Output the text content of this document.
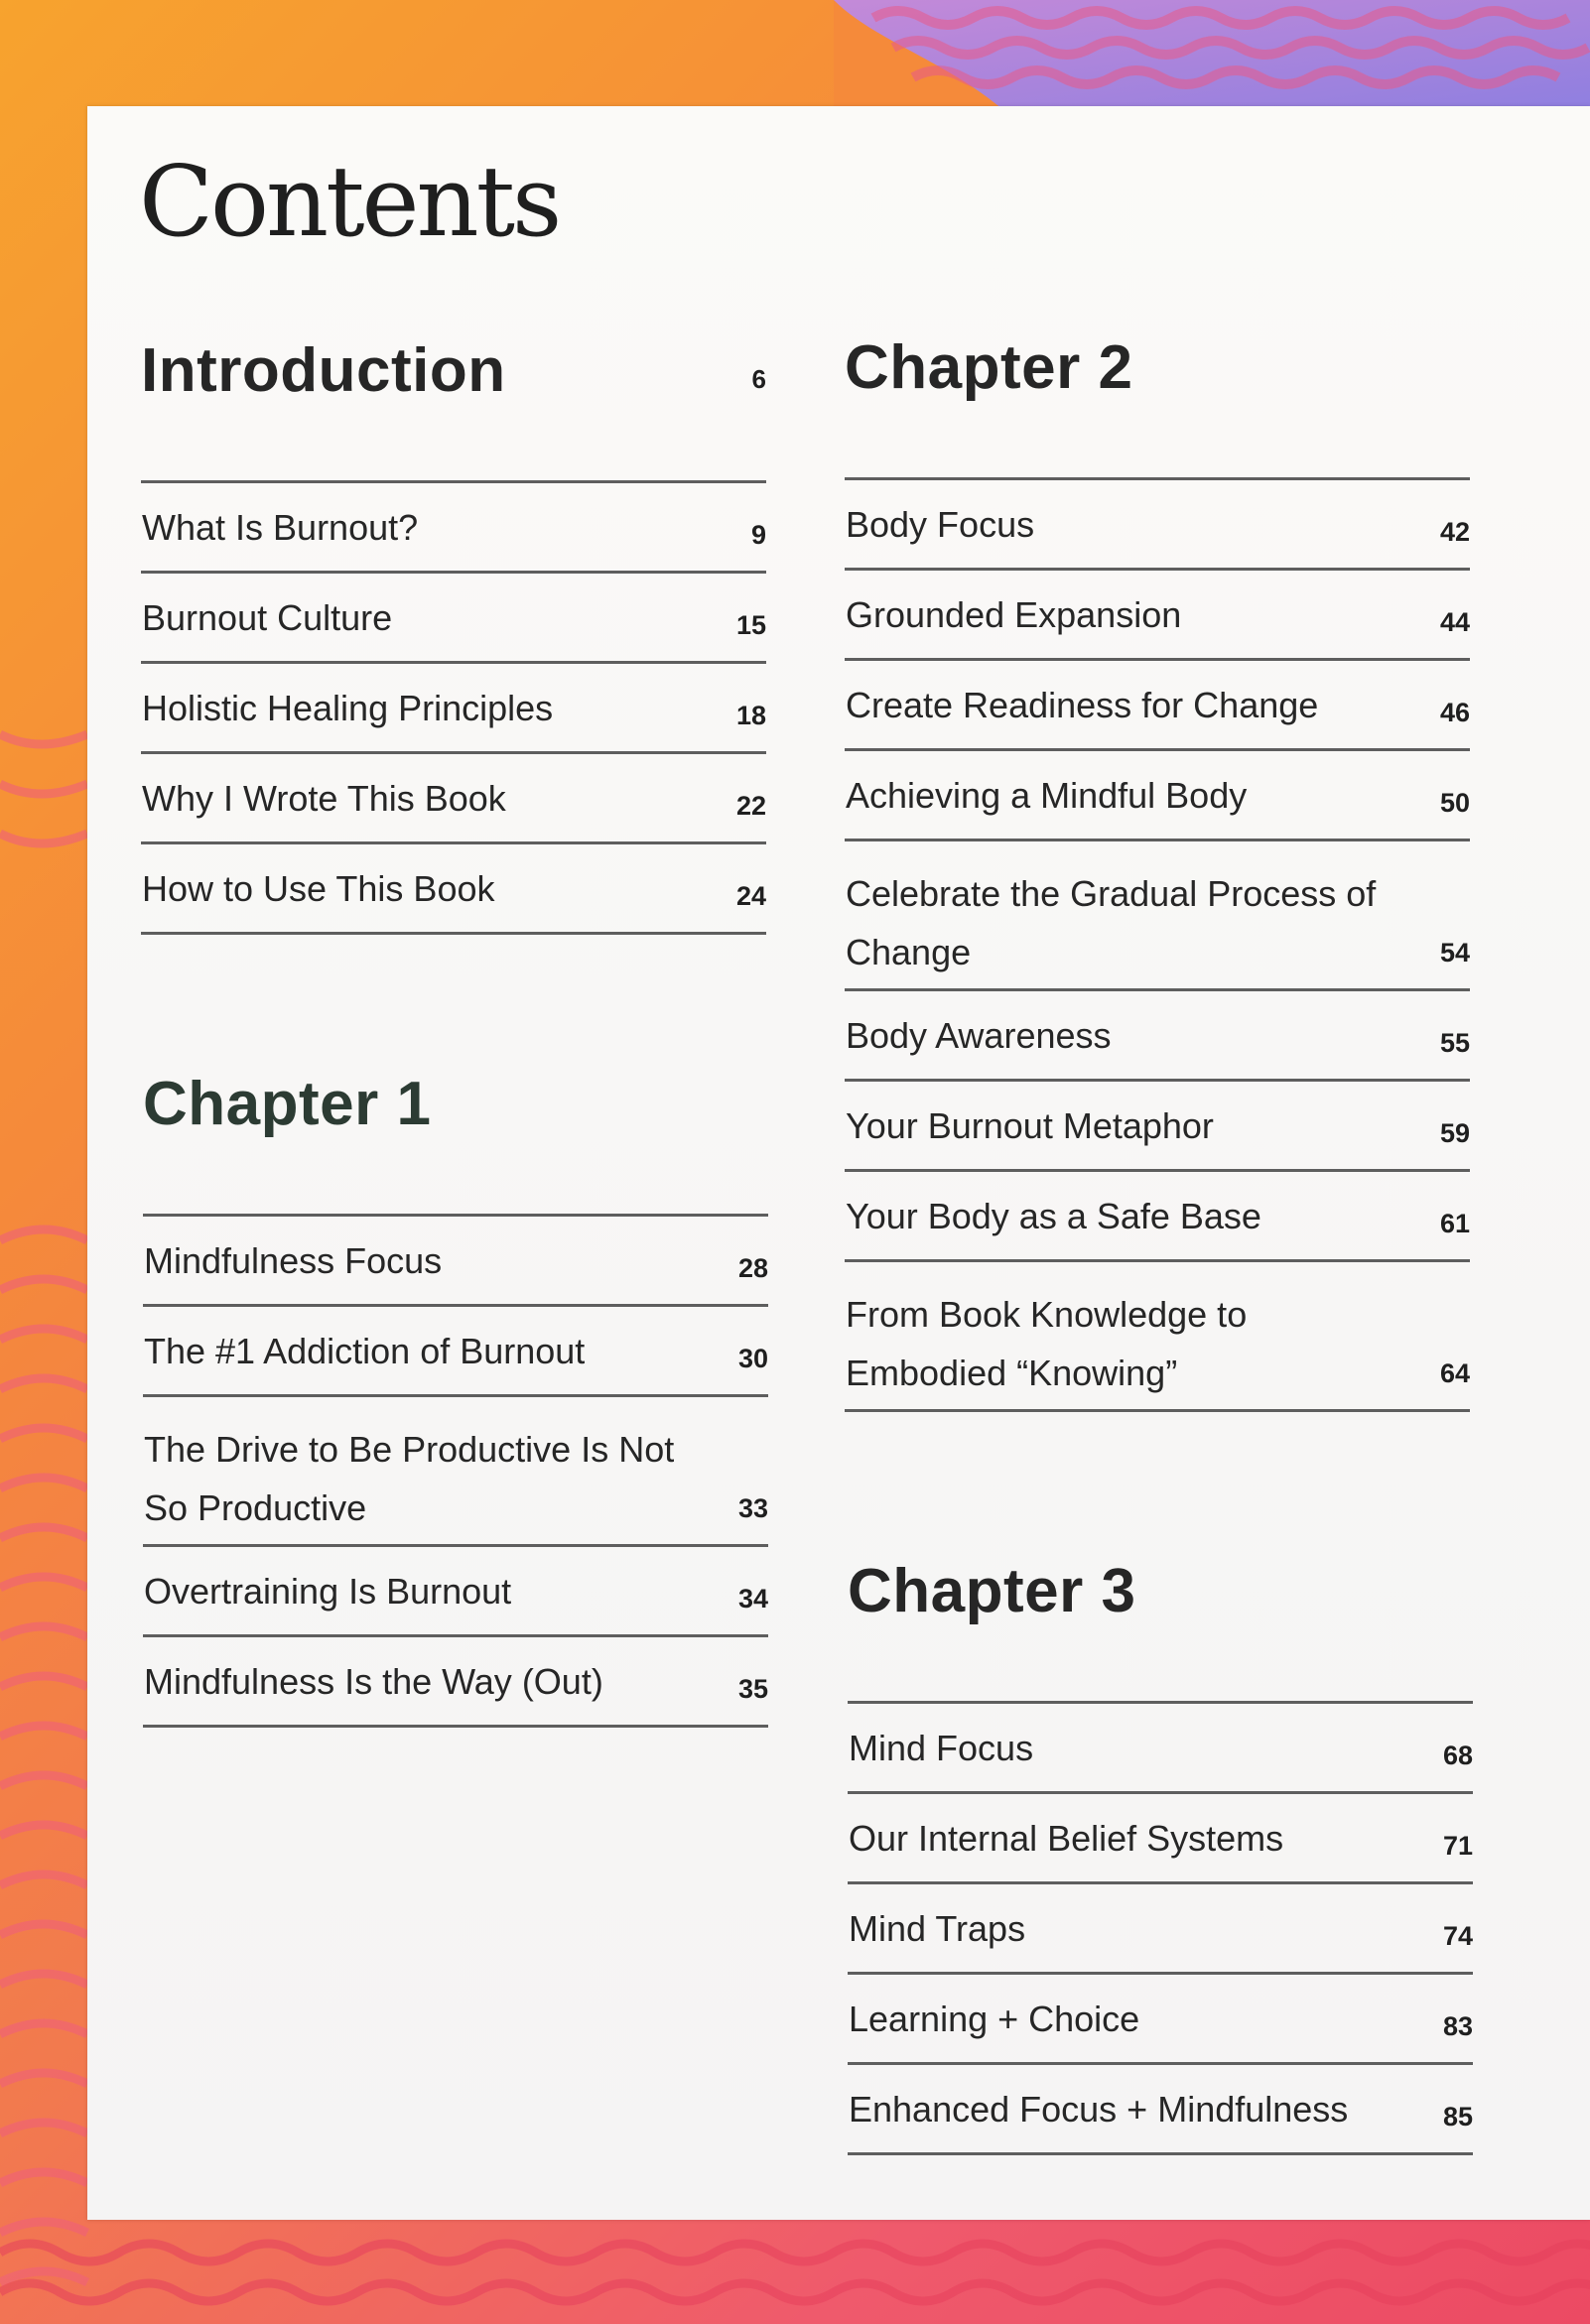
Contents
Introduction	6
What Is Burnout?	9
Burnout Culture	15
Holistic Healing Principles	18
Why I Wrote This Book	22
How to Use This Book	24
Chapter 1
Mindfulness Focus	28
The #1 Addiction of Burnout	30
The Drive to Be Productive Is Not So Productive	33
Overtraining Is Burnout	34
Mindfulness Is the Way (Out)	35
Chapter 2
Body Focus	42
Grounded Expansion	44
Create Readiness for Change	46
Achieving a Mindful Body	50
Celebrate the Gradual Process of Change	54
Body Awareness	55
Your Burnout Metaphor	59
Your Body as a Safe Base	61
From Book Knowledge to Embodied “Knowing”	64
Chapter 3
Mind Focus	68
Our Internal Belief Systems	71
Mind Traps	74
Learning + Choice	83
Enhanced Focus + Mindfulness	85
